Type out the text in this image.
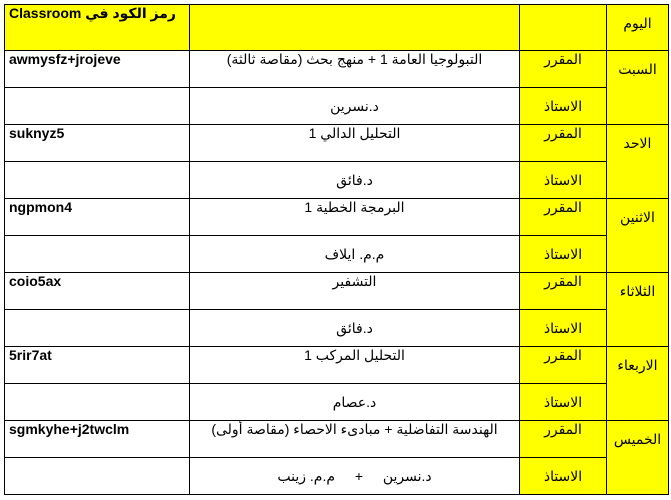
اليوم			رمز الكود في Classroom
السبت	المقرر	التبولوجيا العامة 1 + منهج بحث (مقاصة ثالثة)	awmysfz+jrojeve
	الاستاذ	د.نسرين	
الاحد	المقرر	التحليل الدالي 1	suknyz5
	الاستاذ	د.فائق	
الاثنين	المقرر	البرمجة الخطية 1	ngpmon4
	الاستاذ	م.م. ايلاف	
الثلاثاء	المقرر	التشفير	coio5ax
	الاستاذ	د.فائق	
الاربعاء	المقرر	التحليل المركب 1	5rir7at
	الاستاذ	د.عصام	
الخميس	المقرر	الهندسة التفاضلية + مبادىء الاحصاء (مقاصة أولى)	sgmkyhe+j2twclm
	الاستاذ	د.نسرين + م.م. زينب	
